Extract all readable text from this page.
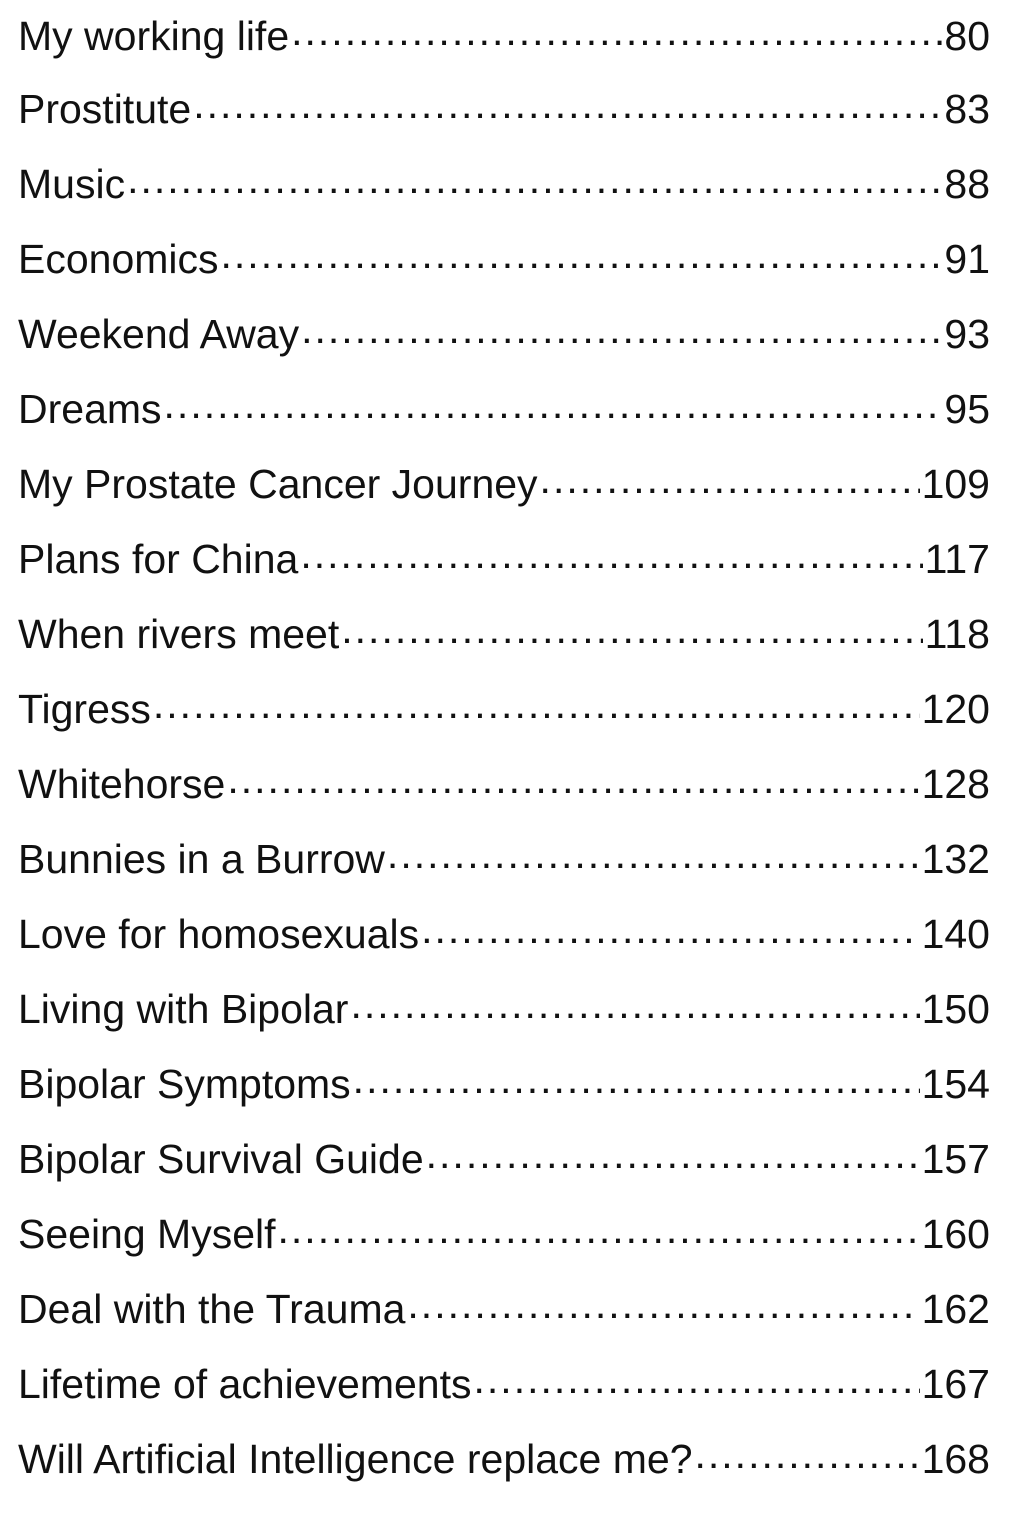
My working life .....	80
Prostitute .....	83
Music .....	88
Economics .....	91
Weekend Away .....	93
Dreams .....	95
My Prostate Cancer Journey .....	109
Plans for China .....	117
When rivers meet .....	118
Tigress .....	120
Whitehorse .....	128
Bunnies in a Burrow .....	132
Love for homosexuals .....	140
Living with Bipolar .....	150
Bipolar Symptoms .....	154
Bipolar Survival Guide .....	157
Seeing Myself .....	160
Deal with the Trauma .....	162
Lifetime of achievements .....	167
Will Artificial Intelligence replace me? .....	168
